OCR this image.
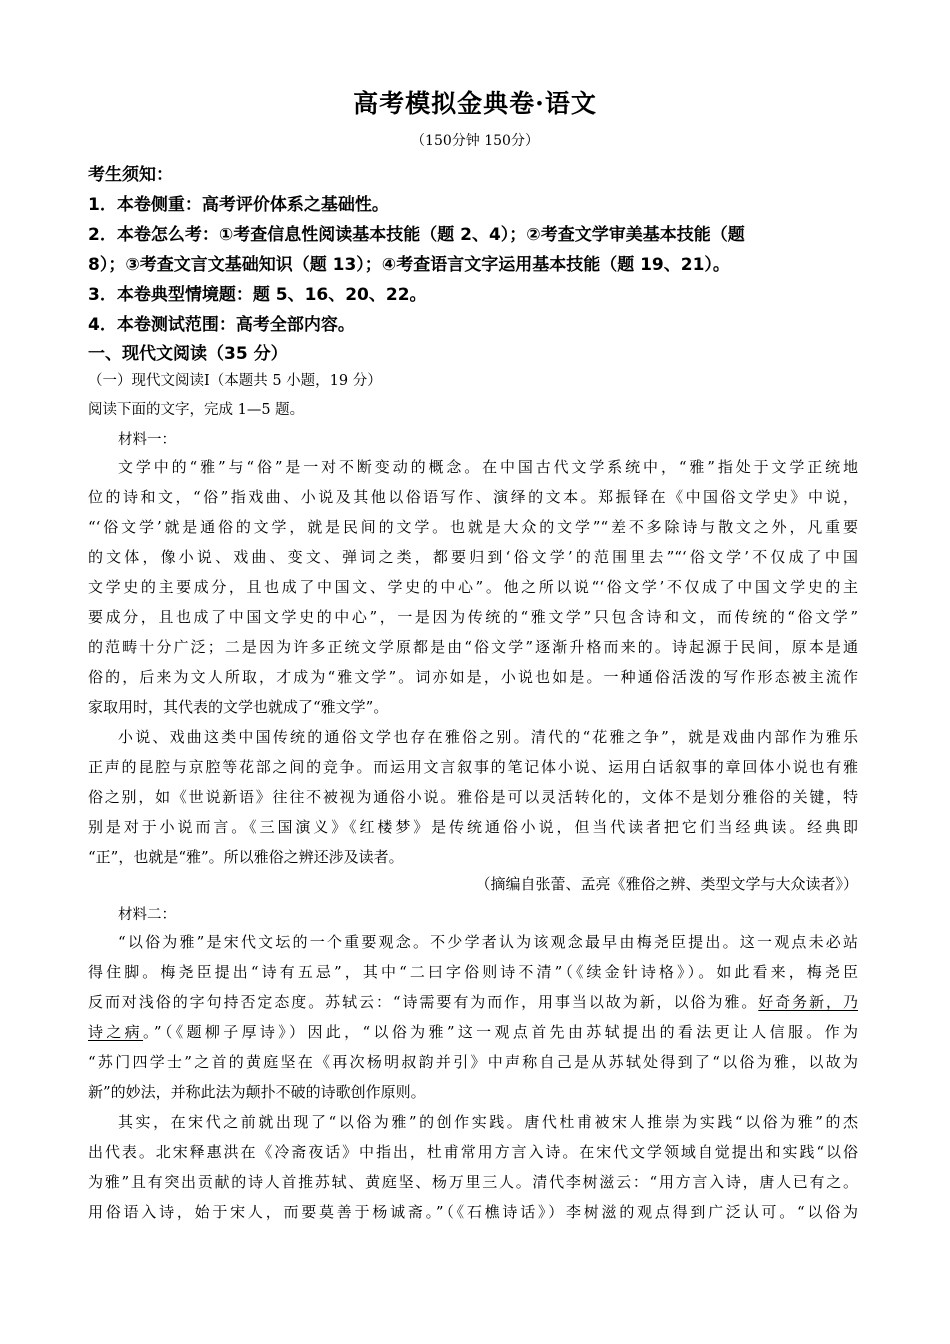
高考模拟金典卷·语文
（150分钟 150分）
考生须知：
1．本卷侧重：高考评价体系之基础性。
2．本卷怎么考：①考查信息性阅读基本技能（题 2、4）；②考查文学审美基本技能（题
8）；③考查文言文基础知识（题 13）；④考查语言文字运用基本技能（题 19、21）。
3．本卷典型情境题：题 5、16、20、22。
4．本卷测试范围：高考全部内容。
一、现代文阅读（35 分）
（一）现代文阅读Ⅰ（本题共 5 小题，19 分）
阅读下面的文字，完成 1—5 题。
材料一：
文学中的“雅”与“俗”是一对不断变动的概念。在中国古代文学系统中，“雅”指处于文学正统地
位的诗和文，“俗”指戏曲、小说及其他以俗语写作、演绎的文本。郑振铎在《中国俗文学史》中说，
“‘俗文学’就是通俗的文学，就是民间的文学。也就是大众的文学”“差不多除诗与散文之外，凡重要
的文体，像小说、戏曲、变文、弹词之类，都要归到‘俗文学’的范围里去”“‘俗文学’不仅成了中国
文学史的主要成分，且也成了中国文、学史的中心”。他之所以说“‘俗文学’不仅成了中国文学史的主
要成分，且也成了中国文学史的中心”，一是因为传统的“雅文学”只包含诗和文，而传统的“俗文学”
的范畴十分广泛；二是因为许多正统文学原都是由“俗文学”逐渐升格而来的。诗起源于民间，原本是通
俗的，后来为文人所取，才成为“雅文学”。词亦如是，小说也如是。一种通俗活泼的写作形态被主流作
家取用时，其代表的文学也就成了“雅文学”。
小说、戏曲这类中国传统的通俗文学也存在雅俗之别。清代的“花雅之争”，就是戏曲内部作为雅乐
正声的昆腔与京腔等花部之间的竞争。而运用文言叙事的笔记体小说、运用白话叙事的章回体小说也有雅
俗之别，如《世说新语》往往不被视为通俗小说。雅俗是可以灵活转化的，文体不是划分雅俗的关键，特
别是对于小说而言。《三国演义》《红楼梦》是传统通俗小说，但当代读者把它们当经典读。经典即
“正”，也就是“雅”。所以雅俗之辨还涉及读者。
（摘编自张蕾、孟亮《雅俗之辨、类型文学与大众读者》）
材料二：
“以俗为雅”是宋代文坛的一个重要观念。不少学者认为该观念最早由梅尧臣提出。这一观点未必站
得住脚。梅尧臣提出“诗有五忌”，其中“二曰字俗则诗不清”（《续金针诗格》）。如此看来，梅尧臣
反而对浅俗的字句持否定态度。苏轼云：“诗需要有为而作，用事当以故为新，以俗为雅。好奇务新，乃
诗之病。”（《题柳子厚诗》）因此，“以俗为雅”这一观点首先由苏轼提出的看法更让人信服。作为
“苏门四学士”之首的黄庭坚在《再次杨明叔韵并引》中声称自己是从苏轼处得到了“以俗为雅，以故为
新”的妙法，并称此法为颠扑不破的诗歌创作原则。
其实，在宋代之前就出现了“以俗为雅”的创作实践。唐代杜甫被宋人推崇为实践“以俗为雅”的杰
出代表。北宋释惠洪在《冷斋夜话》中指出，杜甫常用方言入诗。在宋代文学领域自觉提出和实践“以俗
为雅”且有突出贡献的诗人首推苏轼、黄庭坚、杨万里三人。清代李树滋云：“用方言入诗，唐人已有之。
用俗语入诗，始于宋人，而要莫善于杨诚斋。”（《石樵诗话》）李树滋的观点得到广泛认可。“以俗为
